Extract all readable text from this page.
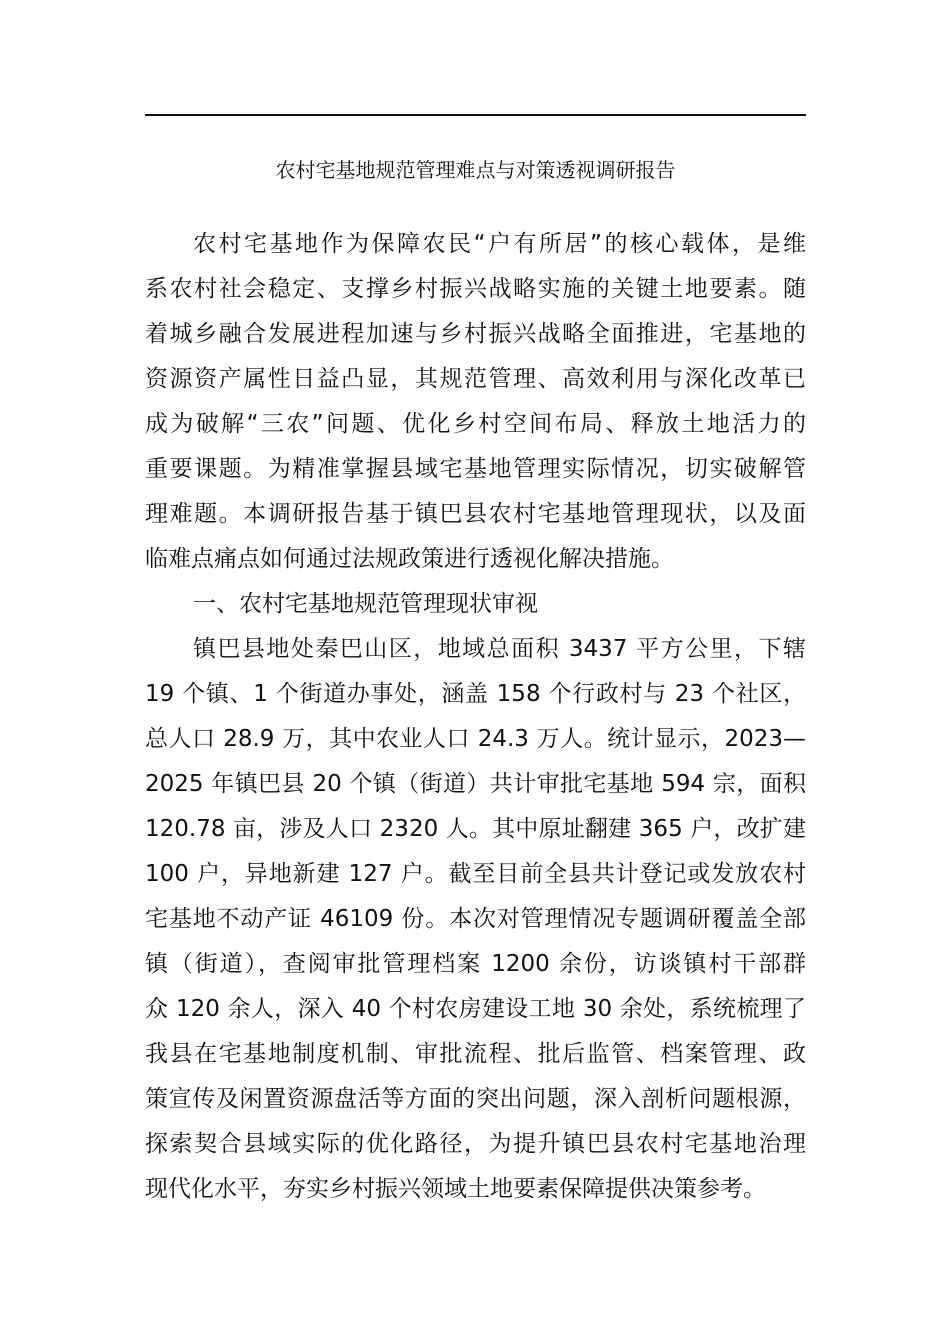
农村宅基地规范管理难点与对策透视调研报告
农村宅基地作为保障农民“户有所居”的核心载体，是维
系农村社会稳定、支撑乡村振兴战略实施的关键土地要素。随
着城乡融合发展进程加速与乡村振兴战略全面推进，宅基地的
资源资产属性日益凸显，其规范管理、高效利用与深化改革已
成为破解“三农”问题、优化乡村空间布局、释放土地活力的
重要课题。为精准掌握县域宅基地管理实际情况，切实破解管
理难题。本调研报告基于镇巴县农村宅基地管理现状，以及面
临难点痛点如何通过法规政策进行透视化解决措施。
一、农村宅基地规范管理现状审视
镇巴县地处秦巴山区，地域总面积 3437 平方公里，下辖
19 个镇、1 个街道办事处，涵盖 158 个行政村与 23 个社区，
总人口 28.9 万，其中农业人口 24.3 万人。统计显示，2023—
2025 年镇巴县 20 个镇（街道）共计审批宅基地 594 宗，面积
120.78 亩，涉及人口 2320 人。其中原址翻建 365 户，改扩建
100 户，异地新建 127 户。截至目前全县共计登记或发放农村
宅基地不动产证 46109 份。本次对管理情况专题调研覆盖全部
镇（街道），查阅审批管理档案 1200 余份，访谈镇村干部群
众 120 余人，深入 40 个村农房建设工地 30 余处，系统梳理了
我县在宅基地制度机制、审批流程、批后监管、档案管理、政
策宣传及闲置资源盘活等方面的突出问题，深入剖析问题根源，
探索契合县域实际的优化路径，为提升镇巴县农村宅基地治理
现代化水平，夯实乡村振兴领域土地要素保障提供决策参考。
